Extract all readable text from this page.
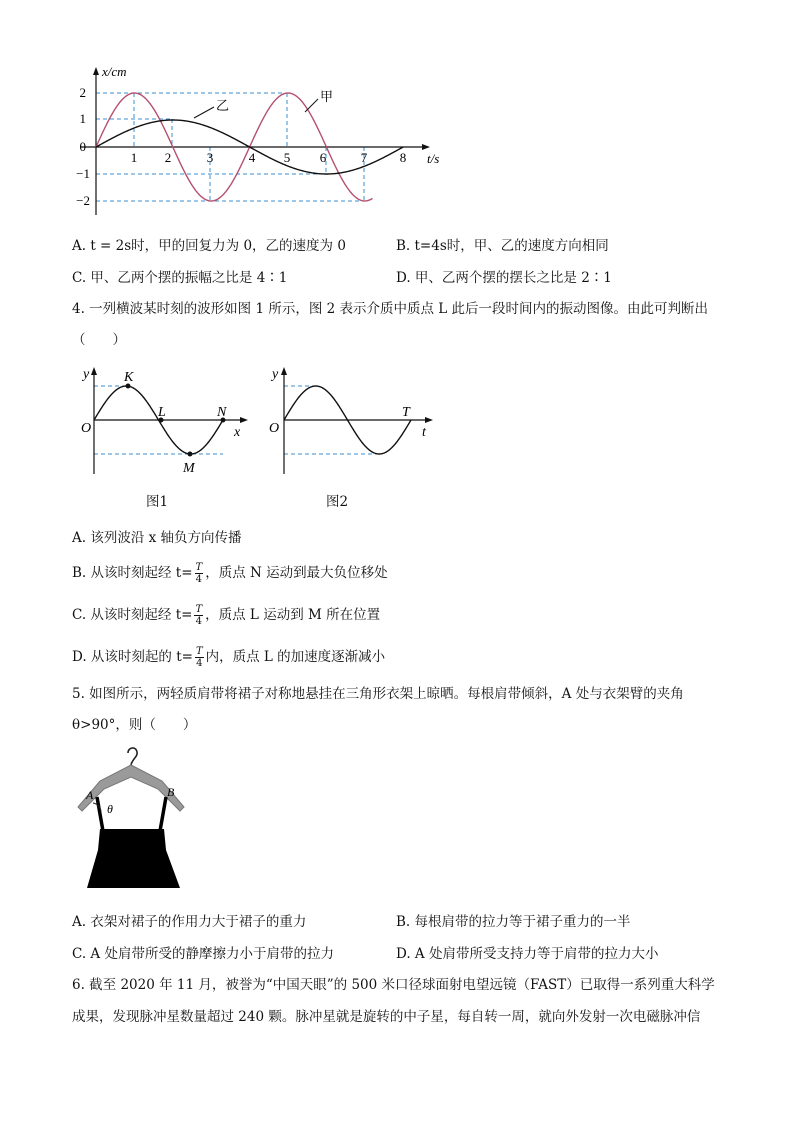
x/cm
t/s
2
1
0
−1
−2
1 2	3	4 5 6	7	8
乙
甲
A. t = 2s时，甲的回复力为 0，乙的速度为 0	B. t=4s时，甲、乙的速度方向相同
C. 甲、乙两个摆的振幅之比是 4∶1	D. 甲、乙两个摆的摆长之比是 2∶1
4. 一列横波某时刻的波形如图 1 所示，图 2 表示介质中质点 L 此后一段时间内的振动图像。由此可判断出
（　　）
y
O	x
K
L
M
N
图1
y
O	t
T
图2
A. 该列波沿 x 轴负方向传播
B. 从该时刻起经 $t= \frac{T}{4}$ ，质点 N 运动到最大负位移处
C. 从该时刻起经 $t= \frac{T}{4}$ ，质点 L 运动到 M 所在位置
D. 从该时刻起的 $t= \frac{T}{4}$ 内，质点 L 的加速度逐渐减小
5. 如图所示，两轻质肩带将裙子对称地悬挂在三角形衣架上晾晒。每根肩带倾斜，A 处与衣架臂的夹角
θ>90°，则（　　）
A	B
θ
A. 衣架对裙子的作用力大于裙子的重力	B. 每根肩带的拉力等于裙子重力的一半
C. A 处肩带所受的静摩擦力小于肩带的拉力	D. A 处肩带所受支持力等于肩带的拉力大小
6. 截至 2020 年 11 月，被誉为“中国天眼”的 500 米口径球面射电望远镜（FAST）已取得一系列重大科学
成果，发现脉冲星数量超过 240 颗。脉冲星就是旋转的中子星，每自转一周，就向外发射一次电磁脉冲信
